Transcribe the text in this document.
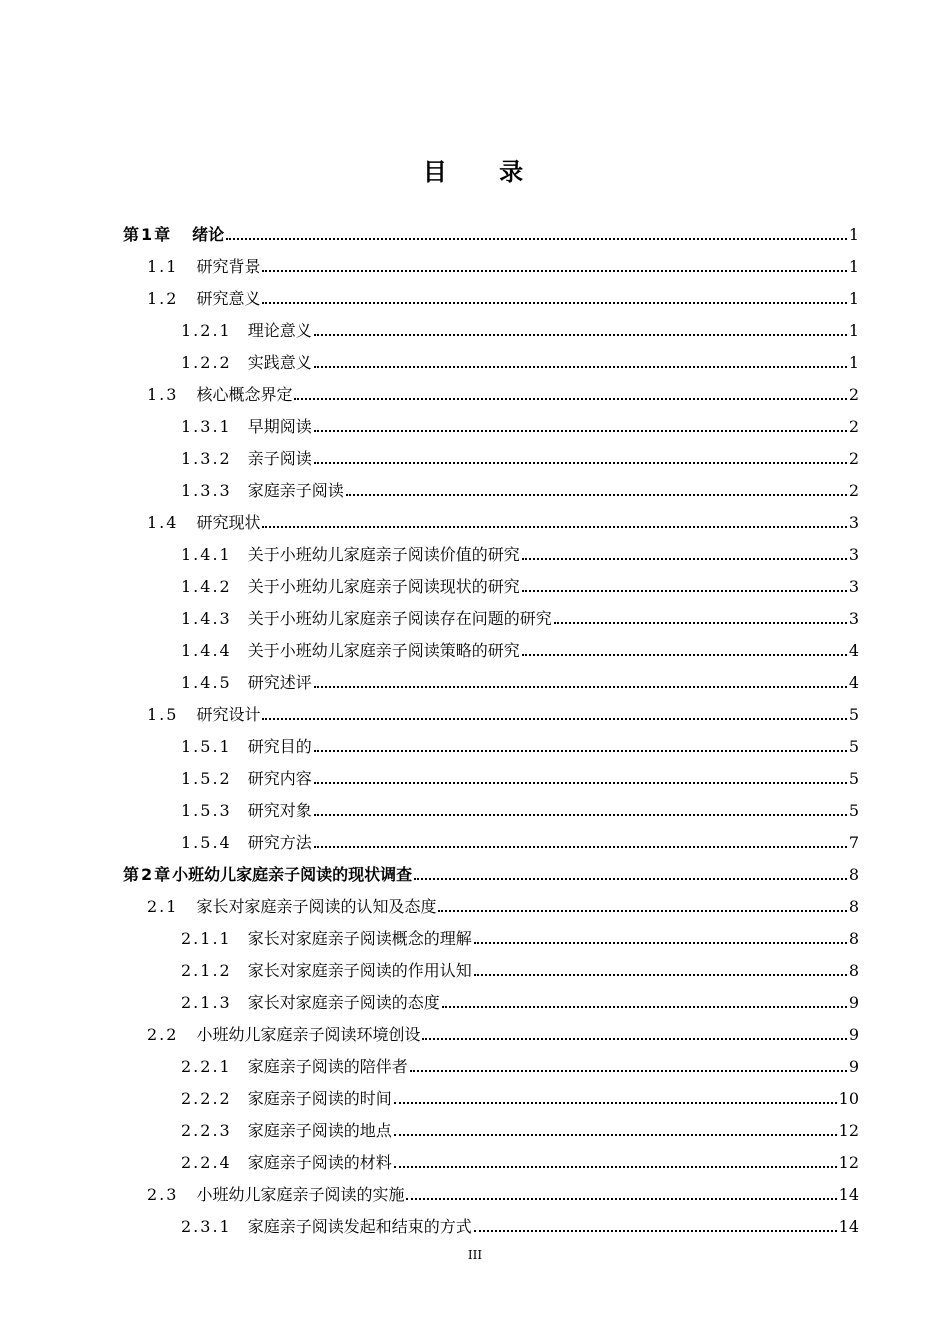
目 录
第1章 绪论	1
1.1 研究背景	1
1.2 研究意义	1
1.2.1 理论意义	1
1.2.2 实践意义	1
1.3 核心概念界定	2
1.3.1 早期阅读	2
1.3.2 亲子阅读	2
1.3.3 家庭亲子阅读	2
1.4 研究现状	3
1.4.1 关于小班幼儿家庭亲子阅读价值的研究	3
1.4.2 关于小班幼儿家庭亲子阅读现状的研究	3
1.4.3 关于小班幼儿家庭亲子阅读存在问题的研究	3
1.4.4 关于小班幼儿家庭亲子阅读策略的研究	4
1.4.5 研究述评	4
1.5 研究设计	5
1.5.1 研究目的	5
1.5.2 研究内容	5
1.5.3 研究对象	5
1.5.4 研究方法	7
第2章 小班幼儿家庭亲子阅读的现状调查	8
2.1 家长对家庭亲子阅读的认知及态度	8
2.1.1 家长对家庭亲子阅读概念的理解	8
2.1.2 家长对家庭亲子阅读的作用认知	8
2.1.3 家长对家庭亲子阅读的态度	9
2.2 小班幼儿家庭亲子阅读环境创设	9
2.2.1 家庭亲子阅读的陪伴者	9
2.2.2 家庭亲子阅读的时间	10
2.2.3 家庭亲子阅读的地点	12
2.2.4 家庭亲子阅读的材料	12
2.3 小班幼儿家庭亲子阅读的实施	14
2.3.1 家庭亲子阅读发起和结束的方式	14
III
